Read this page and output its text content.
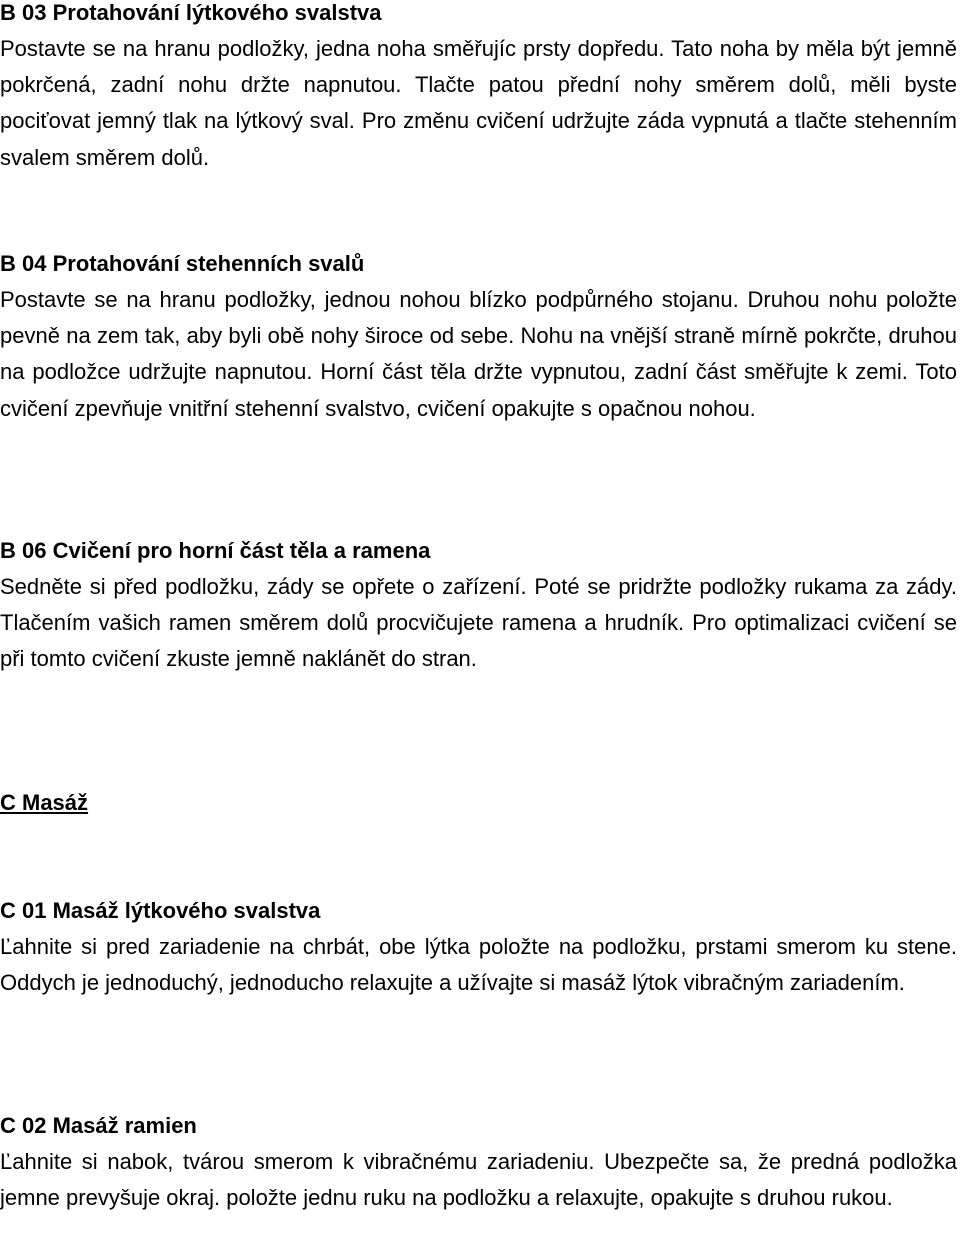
B 03 Protahování lýtkového svalstva

Postavte se na hranu podložky, jedna noha směřujíc prsty dopředu. Tato noha by měla být jemně pokrčená, zadní nohu držte napnutou. Tlačte patou přední nohy směrem dolů, měli byste pociťovat jemný tlak na lýtkový sval. Pro změnu cvičení udržujte záda vypnutá a tlačte stehenním svalem směrem dolů.

B 04 Protahování stehenních svalů

Postavte se na hranu podložky, jednou nohou blízko podpůrného stojanu. Druhou nohu položte pevně na zem tak, aby byli obě nohy široce od sebe. Nohu na vnější straně mírně pokrčte, druhou na podložce udržujte napnutou. Horní část těla držte vypnutou, zadní část směřujte k zemi. Toto cvičení zpevňuje vnitřní stehenní svalstvo, cvičení opakujte s opačnou nohou.

B 06 Cvičení pro horní část těla a ramena

Sedněte si před podložku, zády se opřete o zařízení. Poté se pridržte podložky rukama za zády. Tlačením vašich ramen směrem dolů procvičujete ramena a hrudník. Pro optimalizaci cvičení se při tomto cvičení zkuste jemně naklánět do stran.

C Masáž

C 01 Masáž lýtkového svalstva

Ľahnite si pred zariadenie na chrbát, obe lýtka položte na podložku, prstami smerom ku stene. Oddych je jednoduchý, jednoducho relaxujte a užívajte si masáž lýtok vibračným zariadením.

C 02 Masáž ramien

Ľahnite si nabok, tvárou smerom k vibračnému zariadeniu. Ubezpečte sa, že predná podložka jemne prevyšuje okraj. položte jednu ruku na podložku a relaxujte, opakujte s druhou rukou.
